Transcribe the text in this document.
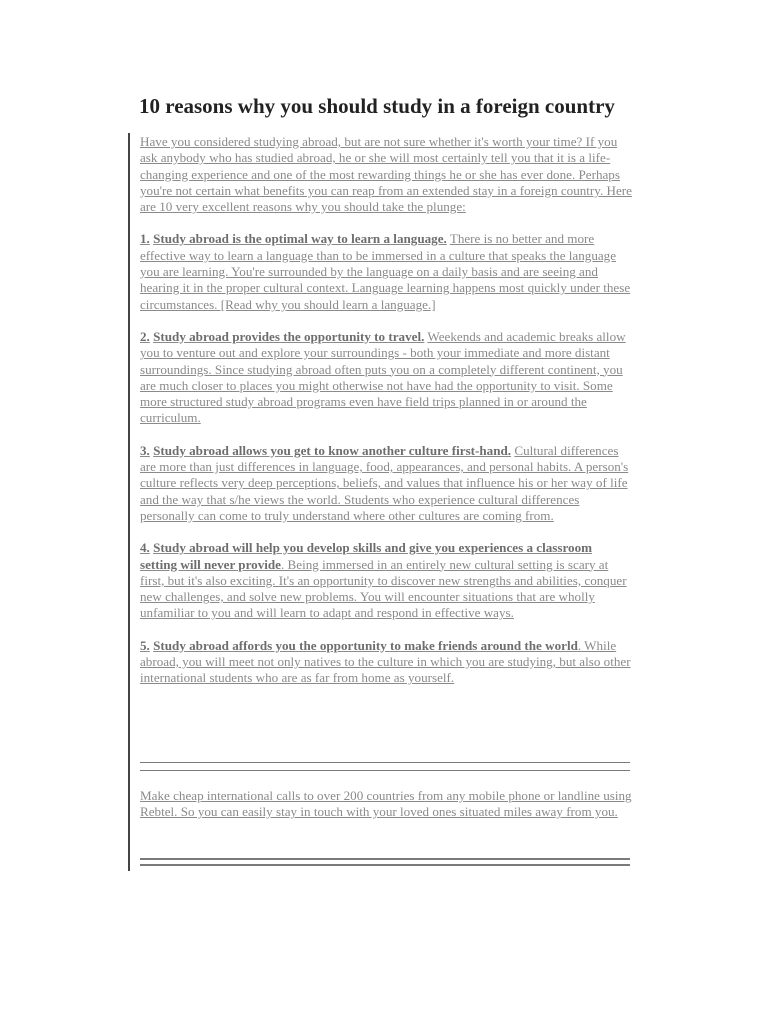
10 reasons why you should study in a foreign country

Have you considered studying abroad, but are not sure whether it's worth your time? If you ask anybody who has studied abroad, he or she will most certainly tell you that it is a life-changing experience and one of the most rewarding things he or she has ever done. Perhaps you're not certain what benefits you can reap from an extended stay in a foreign country. Here are 10 very excellent reasons why you should take the plunge:

1. Study abroad is the optimal way to learn a language. There is no better and more effective way to learn a language than to be immersed in a culture that speaks the language you are learning. You're surrounded by the language on a daily basis and are seeing and hearing it in the proper cultural context. Language learning happens most quickly under these circumstances. [Read why you should learn a language.]

2. Study abroad provides the opportunity to travel. Weekends and academic breaks allow you to venture out and explore your surroundings - both your immediate and more distant surroundings. Since studying abroad often puts you on a completely different continent, you are much closer to places you might otherwise not have had the opportunity to visit. Some more structured study abroad programs even have field trips planned in or around the curriculum.

3. Study abroad allows you get to know another culture first-hand. Cultural differences are more than just differences in language, food, appearances, and personal habits. A person's culture reflects very deep perceptions, beliefs, and values that influence his or her way of life and the way that s/he views the world. Students who experience cultural differences personally can come to truly understand where other cultures are coming from.

4. Study abroad will help you develop skills and give you experiences a classroom setting will never provide. Being immersed in an entirely new cultural setting is scary at first, but it's also exciting. It's an opportunity to discover new strengths and abilities, conquer new challenges, and solve new problems. You will encounter situations that are wholly unfamiliar to you and will learn to adapt and respond in effective ways.

5. Study abroad affords you the opportunity to make friends around the world. While abroad, you will meet not only natives to the culture in which you are studying, but also other international students who are as far from home as yourself.

Make cheap international calls to over 200 countries from any mobile phone or landline using Rebtel. So you can easily stay in touch with your loved ones situated miles away from you.
